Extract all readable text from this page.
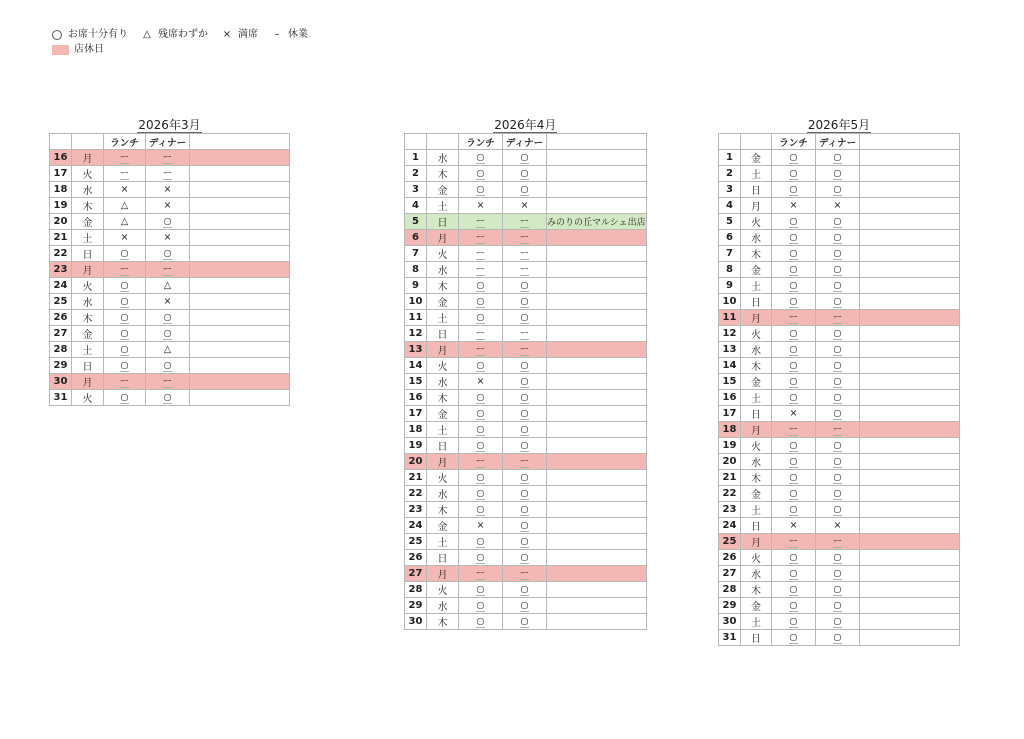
お席十分有り	△ 残席わずか × 満席	– 休業
店休日
2026年3月
		ランチ	ディナー	
16	月	ー	ー	
17	火	ー	ー	
18	水	×	×	
19	木	△	×	
20	金	△	○	
21	土	×	×	
22	日	○	○	
23	月	ー	ー	
24	火	○	△	
25	水	○	×	
26	木	○	○	
27	金	○	○	
28	土	○	△	
29	日	○	○	
30	月	ー	ー	
31	火	○	○	
2026年4月
		ランチ	ディナー	
1	水	○	○	
2	木	○	○	
3	金	○	○	
4	土	×	×	
5	日	ー	ー	みのりの丘マルシェ出店
6	月	ー	ー	
7	火	ー	ー	
8	水	ー	ー	
9	木	○	○	
10	金	○	○	
11	土	○	○	
12	日	ー	ー	
13	月	ー	ー	
14	火	○	○	
15	水	×	○	
16	木	○	○	
17	金	○	○	
18	土	○	○	
19	日	○	○	
20	月	ー	ー	
21	火	○	○	
22	水	○	○	
23	木	○	○	
24	金	×	○	
25	土	○	○	
26	日	○	○	
27	月	ー	ー	
28	火	○	○	
29	水	○	○	
30	木	○	○	
2026年5月
		ランチ	ディナー	
1	金	○	○	
2	土	○	○	
3	日	○	○	
4	月	×	×	
5	火	○	○	
6	水	○	○	
7	木	○	○	
8	金	○	○	
9	土	○	○	
10	日	○	○	
11	月	ー	ー	
12	火	○	○	
13	水	○	○	
14	木	○	○	
15	金	○	○	
16	土	○	○	
17	日	×	○	
18	月	ー	ー	
19	火	○	○	
20	水	○	○	
21	木	○	○	
22	金	○	○	
23	土	○	○	
24	日	×	×	
25	月	ー	ー	
26	火	○	○	
27	水	○	○	
28	木	○	○	
29	金	○	○	
30	土	○	○	
31	日	○	○	
